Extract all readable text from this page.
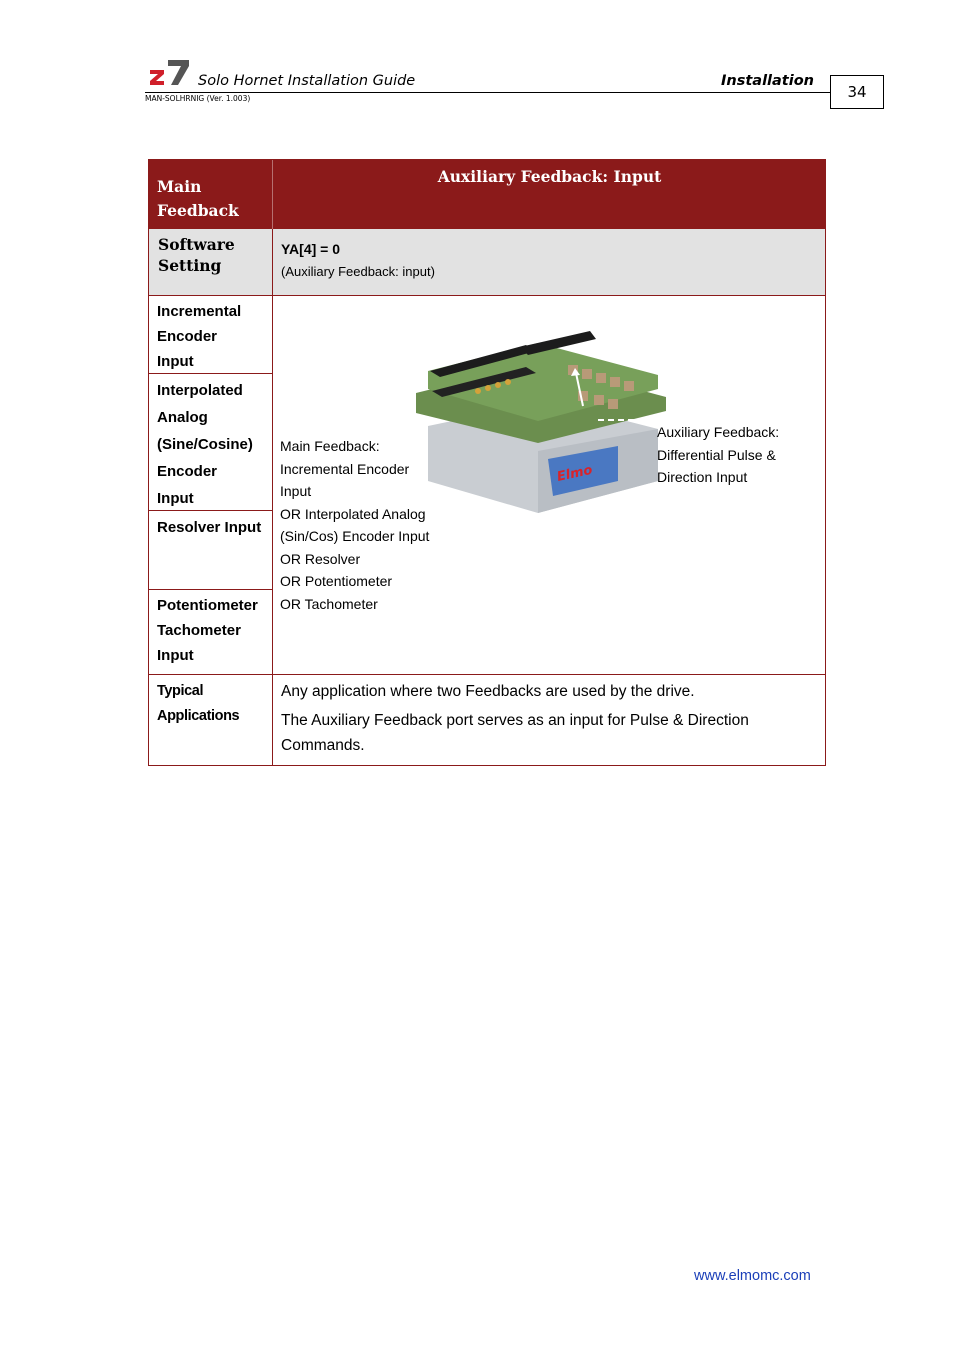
Solo Hornet Installation Guide	Installation
MAN-SOLHRNIG (Ver. 1.003)	34
Main Feedback
Auxiliary Feedback: Input
Software Setting
YA[4] = 0
(Auxiliary Feedback: input)
Incremental Encoder Input
Interpolated Analog (Sine/Cosine) Encoder Input
Resolver Input
Potentiometer Tachometer Input
Elmo
Main Feedback:
Incremental Encoder
Input
OR Interpolated Analog
(Sin/Cos) Encoder Input
OR Resolver
OR Potentiometer
OR Tachometer
Auxiliary Feedback:
Differential Pulse &
Direction Input
Typical Applications
Any application where two Feedbacks are used by the drive.
The Auxiliary Feedback port serves as an input for Pulse & Direction
Commands.
www.elmomc.com
